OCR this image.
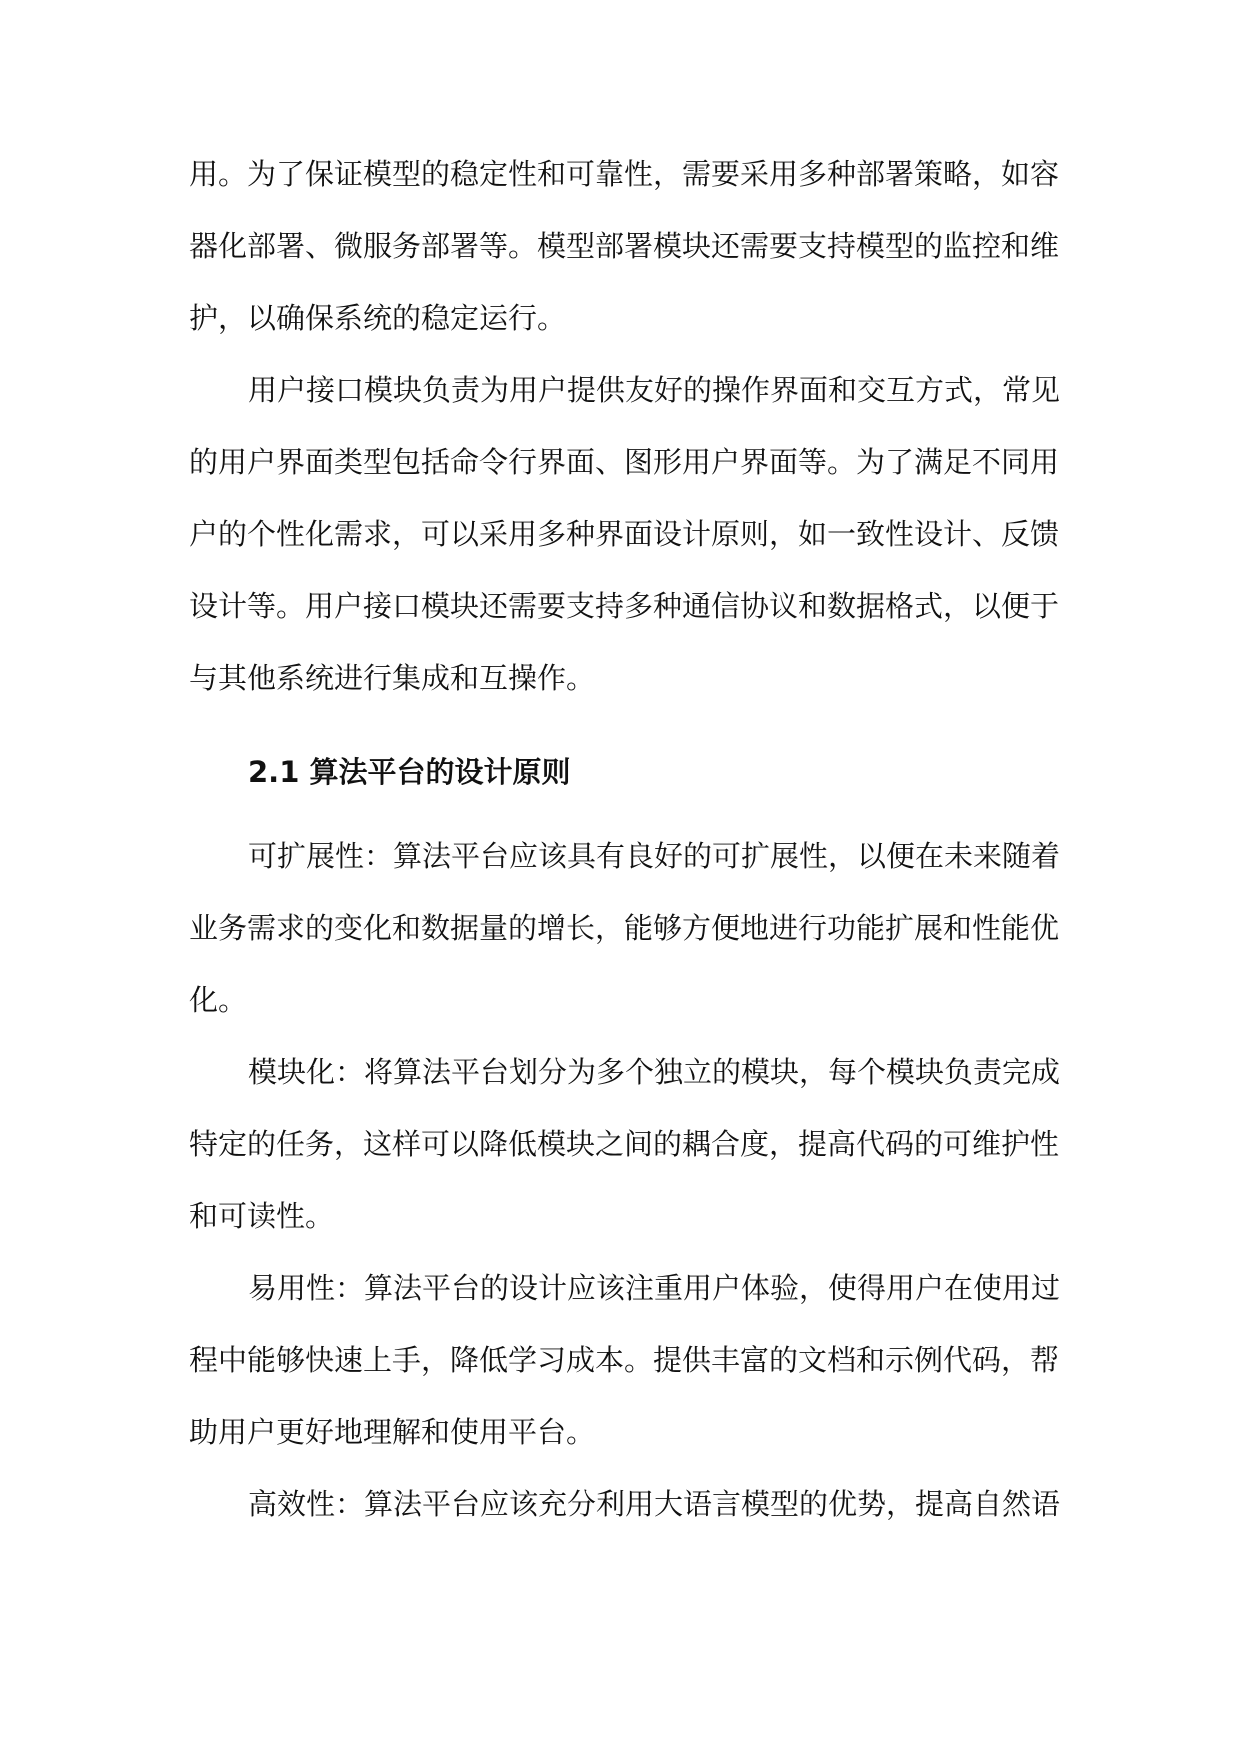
用。为了保证模型的稳定性和可靠性，需要采用多种部署策略，如容
器化部署、微服务部署等。模型部署模块还需要支持模型的监控和维
护，以确保系统的稳定运行。
用户接口模块负责为用户提供友好的操作界面和交互方式，常见
的用户界面类型包括命令行界面、图形用户界面等。为了满足不同用
户的个性化需求，可以采用多种界面设计原则，如一致性设计、反馈
设计等。用户接口模块还需要支持多种通信协议和数据格式，以便于
与其他系统进行集成和互操作。
2.1 算法平台的设计原则
可扩展性：算法平台应该具有良好的可扩展性，以便在未来随着
业务需求的变化和数据量的增长，能够方便地进行功能扩展和性能优
化。
模块化：将算法平台划分为多个独立的模块，每个模块负责完成
特定的任务，这样可以降低模块之间的耦合度，提高代码的可维护性
和可读性。
易用性：算法平台的设计应该注重用户体验，使得用户在使用过
程中能够快速上手，降低学习成本。提供丰富的文档和示例代码，帮
助用户更好地理解和使用平台。
高效性：算法平台应该充分利用大语言模型的优势，提高自然语
